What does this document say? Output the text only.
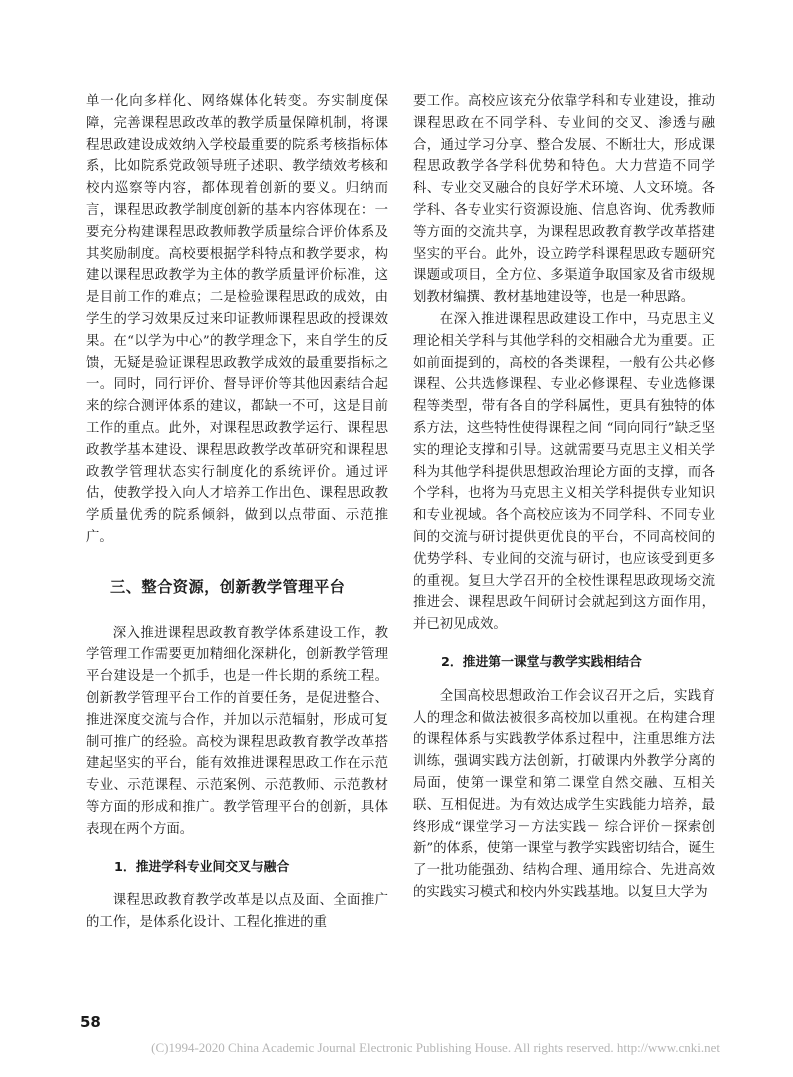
单一化向多样化、网络媒体化转变。夯实制度保障，完善课程思政改革的教学质量保障机制，将课程思政建设成效纳入学校最重要的院系考核指标体系，比如院系党政领导班子述职、教学绩效考核和校内巡察等内容，都体现着创新的要义。归纳而言，课程思政教学制度创新的基本内容体现在：一要充分构建课程思政教师教学质量综合评价体系及其奖励制度。高校要根据学科特点和教学要求，构建以课程思政教学为主体的教学质量评价标准，这是目前工作的难点；二是检验课程思政的成效，由学生的学习效果反过来印证教师课程思政的授课效果。在“以学为中心”的教学理念下，来自学生的反馈，无疑是验证课程思政教学成效的最重要指标之一。同时，同行评价、督导评价等其他因素结合起来的综合测评体系的建议，都缺一不可，这是目前工作的重点。此外，对课程思政教学运行、课程思政教学基本建设、课程思政教学改革研究和课程思政教学管理状态实行制度化的系统评价。通过评估，使教学投入向人才培养工作出色、课程思政教学质量优秀的院系倾斜，做到以点带面、示范推广。

三、整合资源，创新教学管理平台

深入推进课程思政教育教学体系建设工作，教学管理工作需要更加精细化深耕化，创新教学管理平台建设是一个抓手，也是一件长期的系统工程。创新教学管理平台工作的首要任务，是促进整合、推进深度交流与合作，并加以示范辐射，形成可复制可推广的经验。高校为课程思政教育教学改革搭建起坚实的平台，能有效推进课程思政工作在示范专业、示范课程、示范案例、示范教师、示范教材等方面的形成和推广。教学管理平台的创新，具体表现在两个方面。

1．推进学科专业间交叉与融合

课程思政教育教学改革是以点及面、全面推广的工作，是体系化设计、工程化推进的重

要工作。高校应该充分依靠学科和专业建设，推动课程思政在不同学科、专业间的交叉、渗透与融合，通过学习分享、整合发展、不断壮大，形成课程思政教学各学科优势和特色。大力营造不同学科、专业交叉融合的良好学术环境、人文环境。各学科、各专业实行资源设施、信息咨询、优秀教师等方面的交流共享，为课程思政教育教学改革搭建坚实的平台。此外，设立跨学科课程思政专题研究课题或项目，全方位、多渠道争取国家及省市级规划教材编撰、教材基地建设等，也是一种思路。

在深入推进课程思政建设工作中，马克思主义理论相关学科与其他学科的交相融合尤为重要。正如前面提到的，高校的各类课程，一般有公共必修课程、公共选修课程、专业必修课程、专业选修课程等类型，带有各自的学科属性，更具有独特的体系方法，这些特性使得课程之间 “同向同行”缺乏坚实的理论支撑和引导。这就需要马克思主义相关学科为其他学科提供思想政治理论方面的支撑，而各个学科，也将为马克思主义相关学科提供专业知识和专业视域。各个高校应该为不同学科、不同专业间的交流与研讨提供更优良的平台，不同高校间的优势学科、专业间的交流与研讨，也应该受到更多的重视。复旦大学召开的全校性课程思政现场交流推进会、课程思政午间研讨会就起到这方面作用，并已初见成效。

2．推进第一课堂与教学实践相结合

全国高校思想政治工作会议召开之后，实践育人的理念和做法被很多高校加以重视。在构建合理的课程体系与实践教学体系过程中，注重思维方法训练，强调实践方法创新，打破课内外教学分离的局面，使第一课堂和第二课堂自然交融、互相关联、互相促进。为有效达成学生实践能力培养，最终形成“课堂学习－方法实践－ 综合评价－探索创新”的体系，使第一课堂与教学实践密切结合，诞生了一批功能强劲、结构合理、通用综合、先进高效的实践实习模式和校内外实践基地。以复旦大学为

58
(C)1994-2020 China Academic Journal Electronic Publishing House. All rights reserved. http://www.cnki.net
